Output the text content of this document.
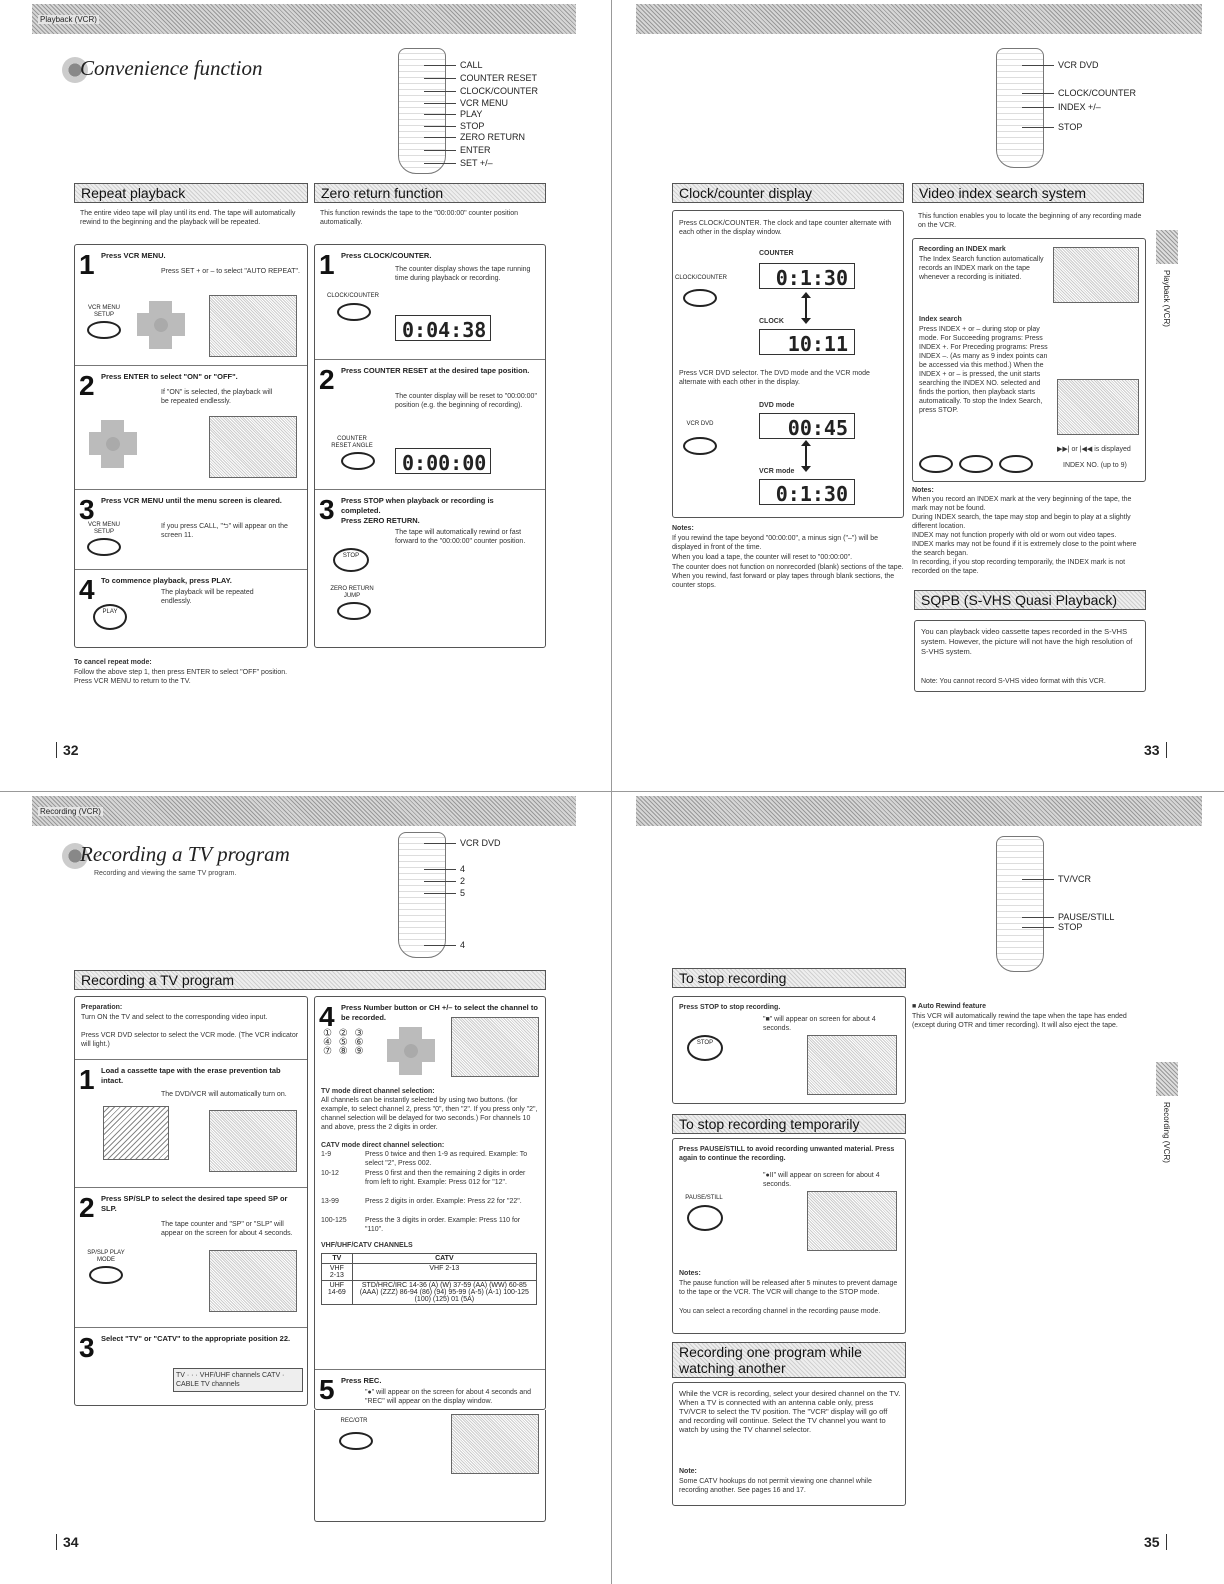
Playback (VCR)
Convenience function	CALL
COUNTER RESET
CLOCK/COUNTER
VCR MENU
PLAY
STOP
ZERO RETURN
ENTER
SET +/–
Repeat playback
The entire video tape will play until its end. The tape will automatically rewind to the beginning and the playback will be repeated.
1 Press VCR MENU.
Press SET + or – to select "AUTO REPEAT".
VCR MENU SETUP
2 Press ENTER to select "ON" or "OFF".
If "ON" is selected, the playback will be repeated endlessly.
3 Press VCR MENU until the menu screen is cleared.
If you press CALL, "⮌" will appear on the screen 11.
VCR MENU SETUP
4 To commence playback, press PLAY.
The playback will be repeated endlessly.
PLAY
To cancel repeat mode:
Follow the above step 1, then press ENTER to select "OFF" position. Press VCR MENU to return to the TV.
Zero return function
This function rewinds the tape to the "00:00:00" counter position automatically.
1 Press CLOCK/COUNTER.
The counter display shows the tape running time during playback or recording.
CLOCK/COUNTER
0:04:38
2 Press COUNTER RESET at the desired tape position.
The counter display will be reset to "00:00:00" position (e.g. the beginning of recording).
COUNTER RESET ANGLE
0:00:00
3 Press STOP when playback or recording is completed.
Press ZERO RETURN.
The tape will automatically rewind or fast forward to the "00:00:00" counter position.
STOP
ZERO RETURN JUMP
32
VCR DVD
CLOCK/COUNTER
INDEX +/–
STOP
Clock/counter display
Press CLOCK/COUNTER. The clock and tape counter alternate with each other in the display window.
CLOCK/COUNTER
COUNTER
0:1:30
CLOCK
10:11
Press VCR DVD selector. The DVD mode and the VCR mode alternate with each other in the display.
VCR DVD
DVD mode
00:45
VCR mode
0:1:30
Notes:
If you rewind the tape beyond "00:00:00", a minus sign ("–") will be displayed in front of the time.
When you load a tape, the counter will reset to "00:00:00".
The counter does not function on nonrecorded (blank) sections of the tape. When you rewind, fast forward or play tapes through blank sections, the counter stops.
Video index search system
This function enables you to locate the beginning of any recording made on the VCR.
Recording an INDEX mark
The Index Search function automatically records an INDEX mark on the tape whenever a recording is initiated.
Index search
Press INDEX + or – during stop or play mode. For Succeeding programs: Press INDEX +. For Preceding programs: Press INDEX –. (As many as 9 index points can be accessed via this method.) When the INDEX + or – is pressed, the unit starts searching the INDEX NO. selected and finds the portion, then playback starts automatically. To stop the Index Search, press STOP.
▶▶| or |◀◀ is displayed
INDEX NO. (up to 9)
Notes:
When you record an INDEX mark at the very beginning of the tape, the mark may not be found.
During INDEX search, the tape may stop and begin to play at a slightly different location.
INDEX may not function properly with old or worn out video tapes.
INDEX marks may not be found if it is extremely close to the point where the search began.
In recording, if you stop recording temporarily, the INDEX mark is not recorded on the tape.
SQPB (S-VHS Quasi Playback)
You can playback video cassette tapes recorded in the S-VHS system. However, the picture will not have the high resolution of S-VHS system.
Note: You cannot record S-VHS video format with this VCR.
Playback (VCR)
33
Recording (VCR)
Recording a TV program
Recording and viewing the same TV program.
VCR DVD
4
2
5
4
Recording a TV program
Preparation:
Turn ON the TV and select to the corresponding video input.
Press VCR DVD selector to select the VCR mode. (The VCR indicator will light.)
1 Load a cassette tape with the erase prevention tab intact.
The DVD/VCR will automatically turn on.
2 Press SP/SLP to select the desired tape speed SP or SLP.
The tape counter and "SP" or "SLP" will appear on the screen for about 4 seconds.
SP/SLP PLAY MODE
3 Select "TV" or "CATV" to the appropriate position 22.
TV · · · VHF/UHF channels CATV · CABLE TV channels
4 Press Number button or CH +/– to select the channel to be recorded.
① ② ③
④ ⑤ ⑥
⑦ ⑧ ⑨
TV mode direct channel selection:
All channels can be instantly selected by using two buttons. (for example, to select channel 2, press "0", then "2". If you press only "2", channel selection will be delayed for two seconds.) For channels 10 and above, press the 2 digits in order.
CATV mode direct channel selection:
1-9	Press 0 twice and then 1-9 as required. Example: To select "2", Press 002.
10-12	Press 0 first and then the remaining 2 digits in order from left to right. Example: Press 012 for "12".
13-99	Press 2 digits in order. Example: Press 22 for "22".
100-125	Press the 3 digits in order. Example: Press 110 for "110".
VHF/UHF/CATV CHANNELS
TV	CATV
VHF 2-13	VHF 2-13
UHF 14-69	STD/HRC/IRC 14-36 (A) (W) 37-59 (AA) (WW) 60-85 (AAA) (ZZZ) 86-94 (86) (94) 95-99 (A-5) (A-1) 100-125 (100) (125) 01 (5A)
5 Press REC.
"●" will appear on the screen for about 4 seconds and "REC" will appear on the display window.
REC/OTR
34
TV/VCR
PAUSE/STILL
STOP
To stop recording
Press STOP to stop recording.
"■" will appear on screen for about 4 seconds.
STOP
■ Auto Rewind feature
This VCR will automatically rewind the tape when the tape has ended (except during OTR and timer recording). It will also eject the tape.
To stop recording temporarily
Press PAUSE/STILL to avoid recording unwanted material. Press again to continue the recording.
"●II" will appear on screen for about 4 seconds.
PAUSE/STILL
Notes:
The pause function will be released after 5 minutes to prevent damage to the tape or the VCR. The VCR will change to the STOP mode.
You can select a recording channel in the recording pause mode.
Recording one program while watching another
While the VCR is recording, select your desired channel on the TV. When a TV is connected with an antenna cable only, press TV/VCR to select the TV position. The "VCR" display will go off and recording will continue. Select the TV channel you want to watch by using the TV channel selector.
Note:
Some CATV hookups do not permit viewing one channel while recording another. See pages 16 and 17.
Recording (VCR)
35
